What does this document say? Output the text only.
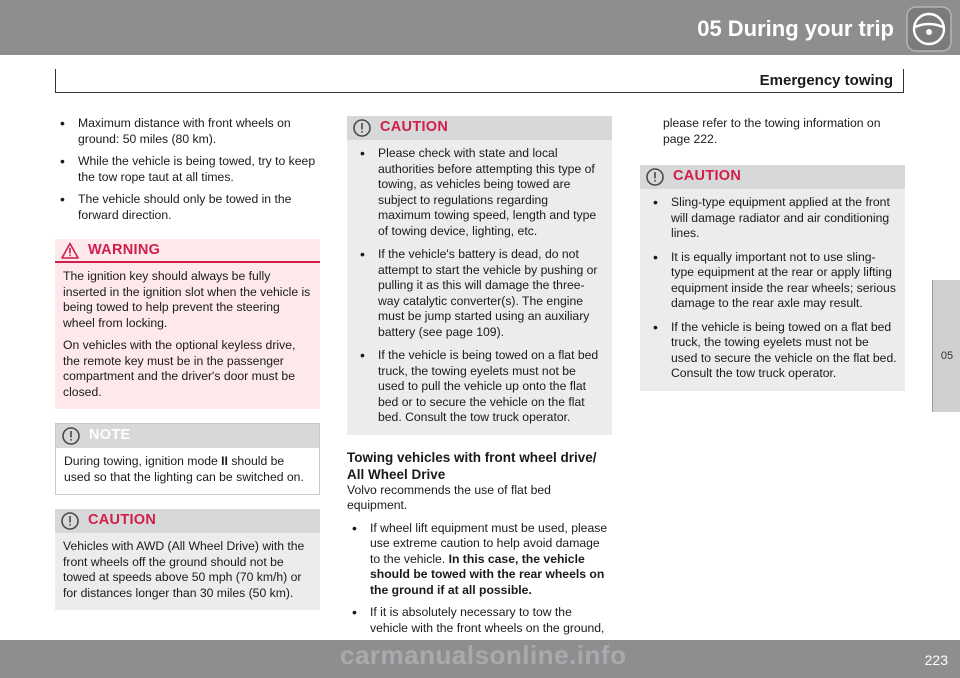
05 During your trip
Emergency towing
05
• Maximum distance with front wheels on ground: 50 miles (80 km).
• While the vehicle is being towed, try to keep the tow rope taut at all times.
• The vehicle should only be towed in the forward direction.
WARNING

The ignition key should always be fully inserted in the ignition slot when the vehicle is being towed to help prevent the steering wheel from locking.

On vehicles with the optional keyless drive, the remote key must be in the passenger compartment and the driver's door must be closed.

NOTE

During towing, ignition mode II should be used so that the lighting can be switched on.

CAUTION

Vehicles with AWD (All Wheel Drive) with the front wheels off the ground should not be towed at speeds above 50 mph (70 km/h) or for distances longer than 30 miles (50 km).

CAUTION
• Please check with state and local authorities before attempting this type of towing, as vehicles being towed are subject to regulations regarding maximum towing speed, length and type of towing device, lighting, etc.
• If the vehicle's battery is dead, do not attempt to start the vehicle by pushing or pulling it as this will damage the three-way catalytic converter(s). The engine must be jump started using an auxiliary battery (see page 109).
• If the vehicle is being towed on a flat bed truck, the towing eyelets must not be used to pull the vehicle up onto the flat bed or to secure the vehicle on the flat bed. Consult the tow truck operator.
Towing vehicles with front wheel drive/ All Wheel Drive

Volvo recommends the use of flat bed equipment.

• If wheel lift equipment must be used, please use extreme caution to help avoid damage to the vehicle. In this case, the vehicle should be towed with the rear wheels on the ground if at all possible.
• If it is absolutely necessary to tow the vehicle with the front wheels on the ground,

please refer to the towing information on page 222.

CAUTION
• Sling-type equipment applied at the front will damage radiator and air conditioning lines.
• It is equally important not to use sling-type equipment at the rear or apply lifting equipment inside the rear wheels; serious damage to the rear axle may result.
• If the vehicle is being towed on a flat bed truck, the towing eyelets must not be used to secure the vehicle on the flat bed. Consult the tow truck operator.
223
carmanualsonline.info
